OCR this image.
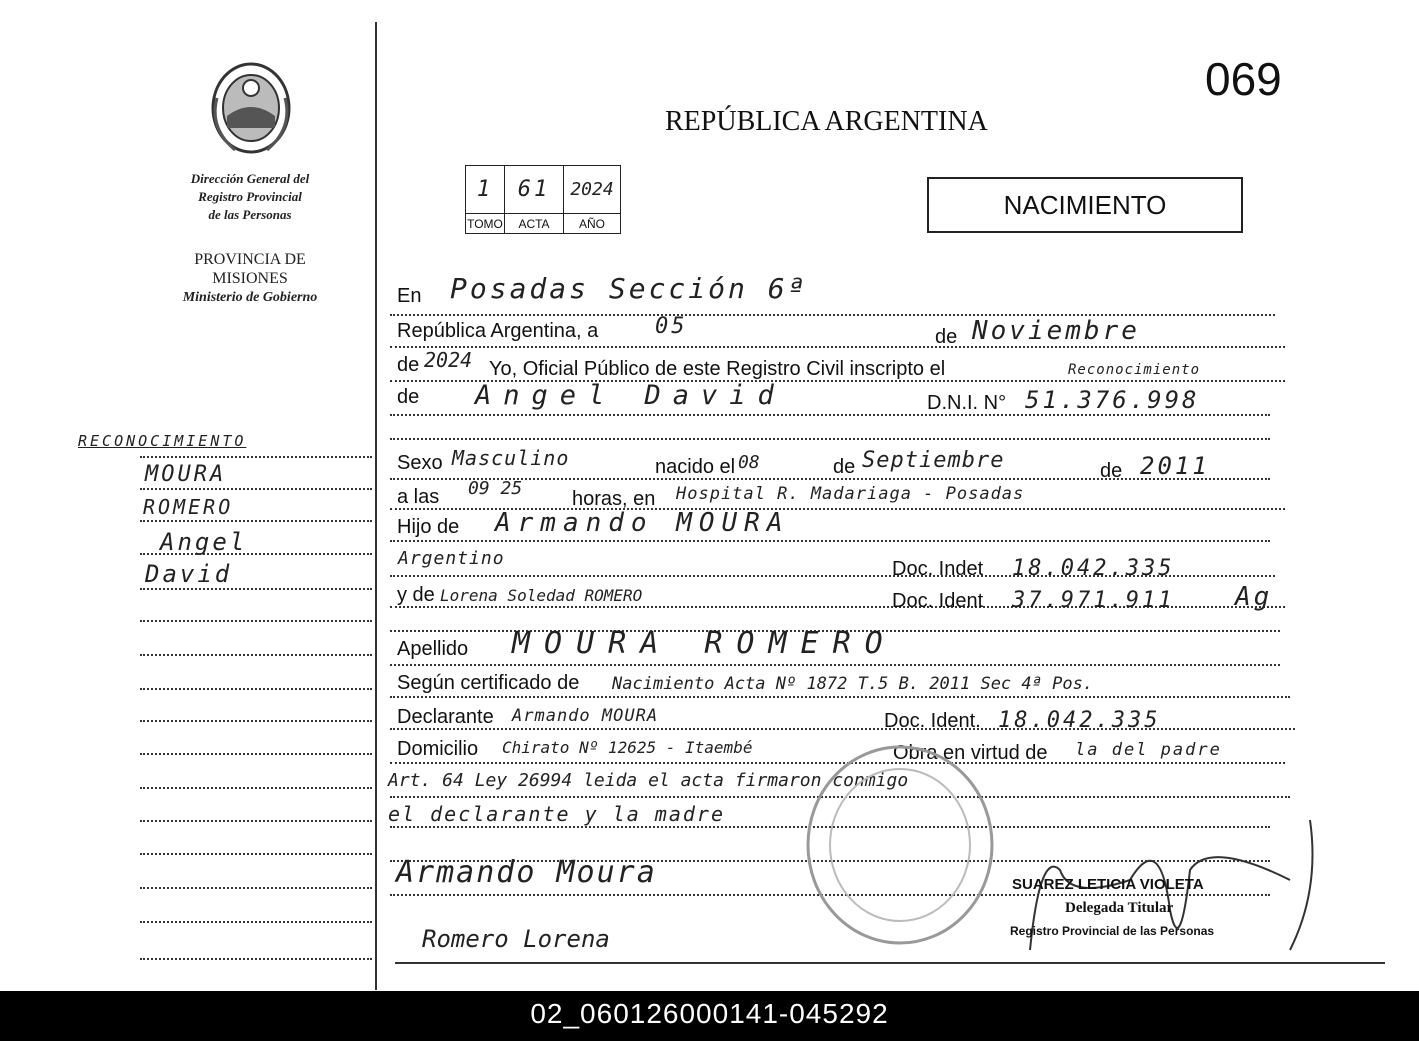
Dirección General del
Registro Provincial
de las Personas
PROVINCIA DE
MISIONES
Ministerio de Gobierno
069
REPÚBLICA ARGENTINA
1	61	2024
TOMO	ACTA	AÑO
NACIMIENTO
RECONOCIMIENTO
MOURA
ROMERO
Angel
David
En Posadas Sección 6ª
República Argentina, a	05	de Noviembre
de 2024 Yo, Oficial Público de este Registro Civil inscripto el	Reconocimiento
de Angel David	D.N.I. N° 51.376.998
Sexo Masculino	nacido el 08	de Septiembre	de 2011
a las 09 25 horas, en Hospital R. Madariaga - Posadas
Hijo de Armando MOURA
Argentino	Doc. Indet 18.042.335
y de Lorena Soledad ROMERO	Doc. Ident 37.971.911 Ag
Apellido MOURA ROMERO
Según certificado de Nacimiento Acta Nº 1872 T.5 B. 2011 Sec 4ª Pos.
Declarante Armando MOURA	Doc. Ident. 18.042.335
Domicilio Chirato Nº 12625 - Itaembé	Obra en virtud de la del padre
Art. 64 Ley 26994 leida el acta firmaron conmigo
el declarante y la madre
Armando Moura
Romero Lorena
SUAREZ LETICIA VIOLETA
Delegada Titular
Registro Provincial de las Personas
02_060126000141-045292
